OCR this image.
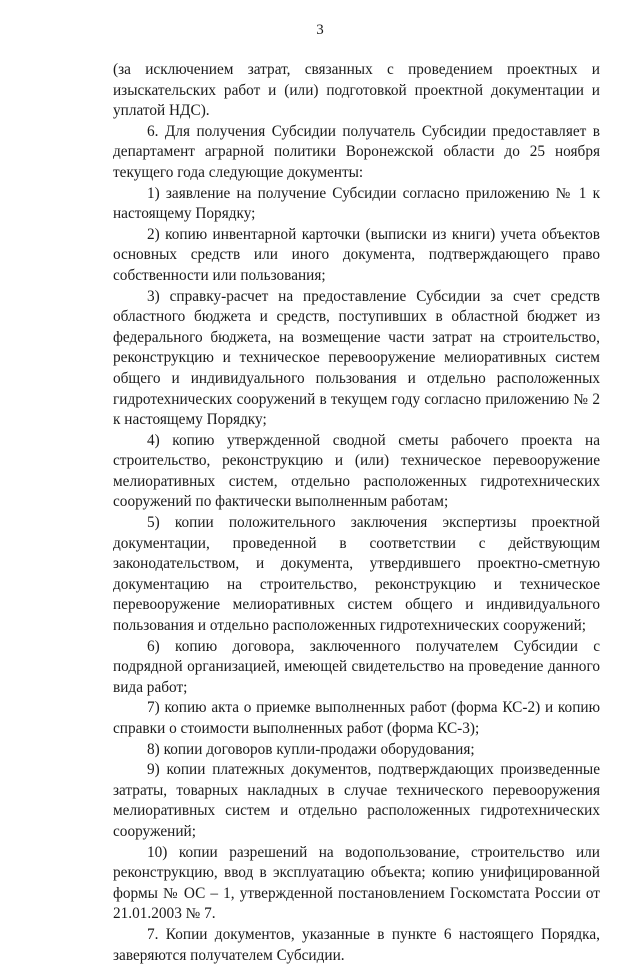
3

(за исключением затрат, связанных с проведением проектных и изыскательских работ и (или) подготовкой проектной документации и уплатой НДС).

6. Для получения Субсидии получатель Субсидии предоставляет в департамент аграрной политики Воронежской области до 25 ноября текущего года следующие документы:

1) заявление на получение Субсидии согласно приложению № 1 к настоящему Порядку;

2) копию инвентарной карточки (выписки из книги) учета объектов основных средств или иного документа, подтверждающего право собственности или пользования;

3) справку-расчет на предоставление Субсидии за счет средств областного бюджета и средств, поступивших в областной бюджет из федерального бюджета, на возмещение части затрат на строительство, реконструкцию и техническое перевооружение мелиоративных систем общего и индивидуального пользования и отдельно расположенных гидротехнических сооружений в текущем году согласно приложению № 2 к настоящему Порядку;

4) копию утвержденной сводной сметы рабочего проекта на строительство, реконструкцию и (или) техническое перевооружение мелиоративных систем, отдельно расположенных гидротехнических сооружений по фактически выполненным работам;

5) копии положительного заключения экспертизы проектной документации, проведенной в соответствии с действующим законодательством, и документа, утвердившего проектно-сметную документацию на строительство, реконструкцию и техническое перевооружение мелиоративных систем общего и индивидуального пользования и отдельно расположенных гидротехнических сооружений;

6) копию договора, заключенного получателем Субсидии с подрядной организацией, имеющей свидетельство на проведение данного вида работ;

7) копию акта о приемке выполненных работ (форма КС-2) и копию справки о стоимости выполненных работ (форма КС-3);

8) копии договоров купли-продажи оборудования;

9) копии платежных документов, подтверждающих произведенные затраты, товарных накладных в случае технического перевооружения мелиоративных систем и отдельно расположенных гидротехнических сооружений;

10) копии разрешений на водопользование, строительство или реконструкцию, ввод в эксплуатацию объекта; копию унифицированной формы № ОС – 1, утвержденной постановлением Госкомстата России от 21.01.2003 № 7.

7. Копии документов, указанные в пункте 6 настоящего Порядка, заверяются получателем Субсидии.
